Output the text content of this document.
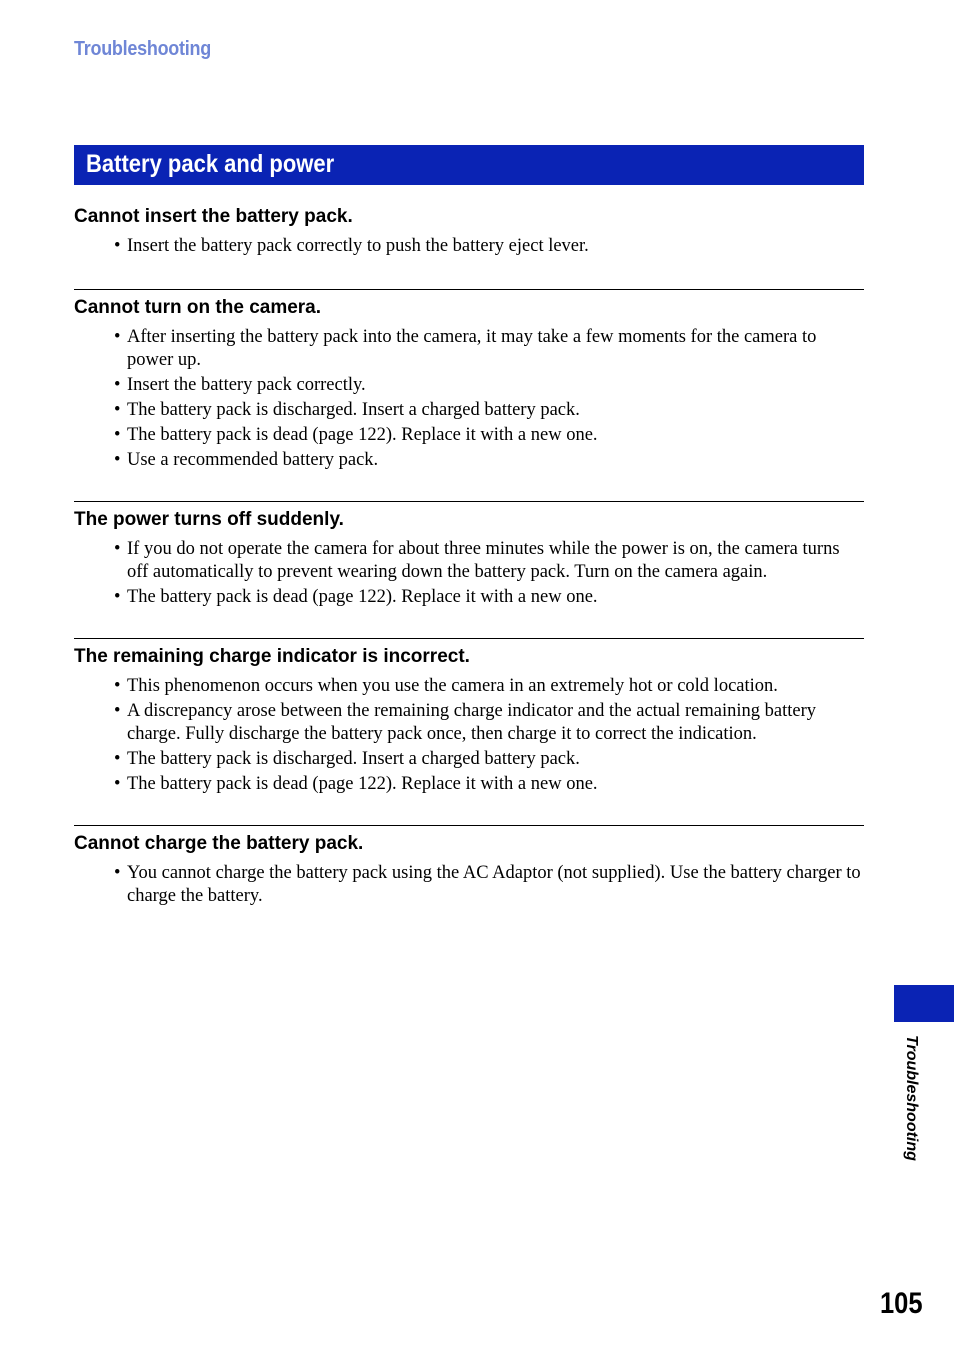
Troubleshooting
Battery pack and power
Cannot insert the battery pack.
• Insert the battery pack correctly to push the battery eject lever.
Cannot turn on the camera.
• After inserting the battery pack into the camera, it may take a few moments for the camera to power up.
• Insert the battery pack correctly.
• The battery pack is discharged. Insert a charged battery pack.
• The battery pack is dead (page 122). Replace it with a new one.
• Use a recommended battery pack.
The power turns off suddenly.
• If you do not operate the camera for about three minutes while the power is on, the camera turns off automatically to prevent wearing down the battery pack. Turn on the camera again.
• The battery pack is dead (page 122). Replace it with a new one.
The remaining charge indicator is incorrect.
• This phenomenon occurs when you use the camera in an extremely hot or cold location.
• A discrepancy arose between the remaining charge indicator and the actual remaining battery charge. Fully discharge the battery pack once, then charge it to correct the indication.
• The battery pack is discharged. Insert a charged battery pack.
• The battery pack is dead (page 122). Replace it with a new one.
Cannot charge the battery pack.
• You cannot charge the battery pack using the AC Adaptor (not supplied). Use the battery charger to charge the battery.
Troubleshooting
105
